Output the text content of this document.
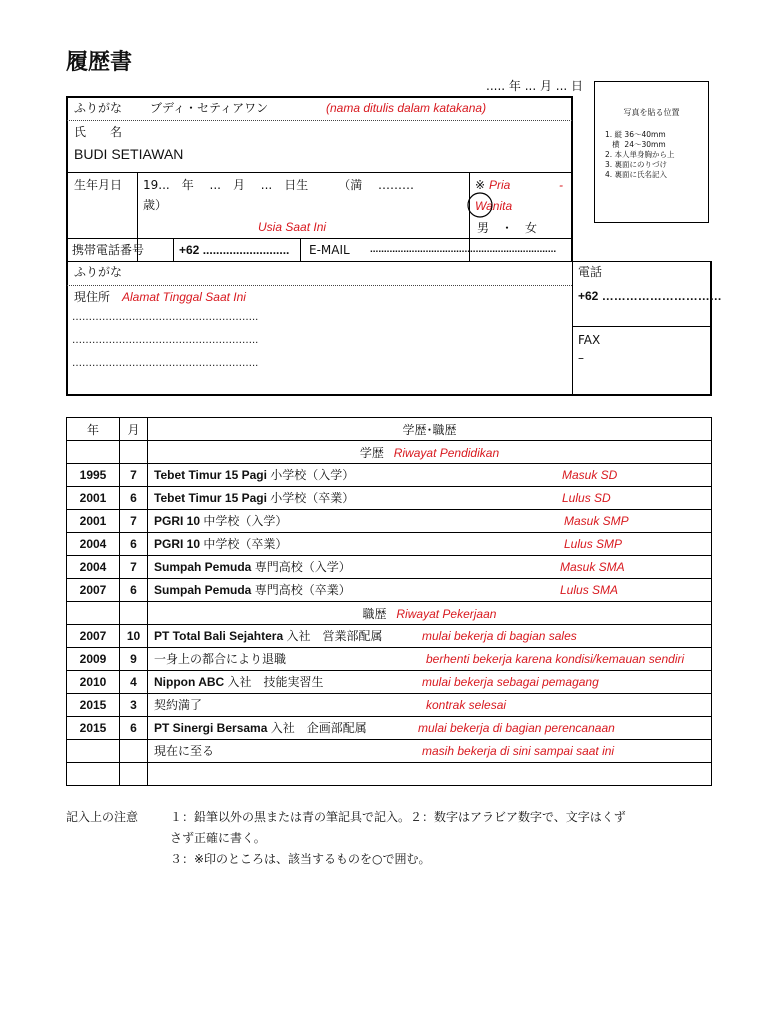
履歴書
..... 年 ... 月 ... 日
写真を貼る位置
1. 縦 36～40mm
横  24～30mm
2. 本人単身胸から上
3. 裏面にのりづけ
4. 裏面に氏名記入
ふりがな ブディ・セティアワン	(nama ditulis dalam katakana)
氏　　名
BUDI SETIAWAN
生年月日 19...　年　 ...　月　 ...　日生　　　（満　 ………
歳）
Usia Saat Ini
※ Pria	-
Wanita
男　・　女
携帯電話番号	+62 .......................... E-MAIL ...................................................................
ふりがな
現住所 Alamat Tinggal Saat Ini
………………………………………………..
………………………………………………..
………………………………………………..
電話
+62 …………………………
FAX
–
年	月	学歴･職歴
		学歴 Riwayat Pendidikan
1995	7	Tebet Timur 15 Pagi 小学校（入学） Masuk SD

2001	6	Tebet Timur 15 Pagi 小学校（卒業） Lulus SD

2001	7	PGRI 10 中学校（入学） Masuk SMP

2004	6	PGRI 10 中学校（卒業） Lulus SMP

2004	7	Sumpah Pemuda 専門高校（入学） Masuk SMA

2007	6	Sumpah Pemuda 専門高校（卒業） Lulus SMA

		職歴 Riwayat Pekerjaan
2007	10	PT Total Bali Sejahtera 入社　営業部配属 mulai bekerja di bagian sales

2009	9	一身上の都合により退職 berhenti bekerja karena kondisi/kemauan sendiri

2010	4	Nippon ABC 入社　技能実習生 mulai bekerja sebagai pemagang

2015	3	契約満了 kontrak selesai

2015	6	PT Sinergi Bersama 入社　企画部配属 mulai bekerja di bagian perencanaan

		現在に至る masih bekerja di sini sampai saat ini

記入上の注意	１：鉛筆以外の黒または青の筆記具で記入。２：数字はアラビア数字で、文字はくず
さず正確に書く。
３：※印のところは、該当するものを○で囲む。
